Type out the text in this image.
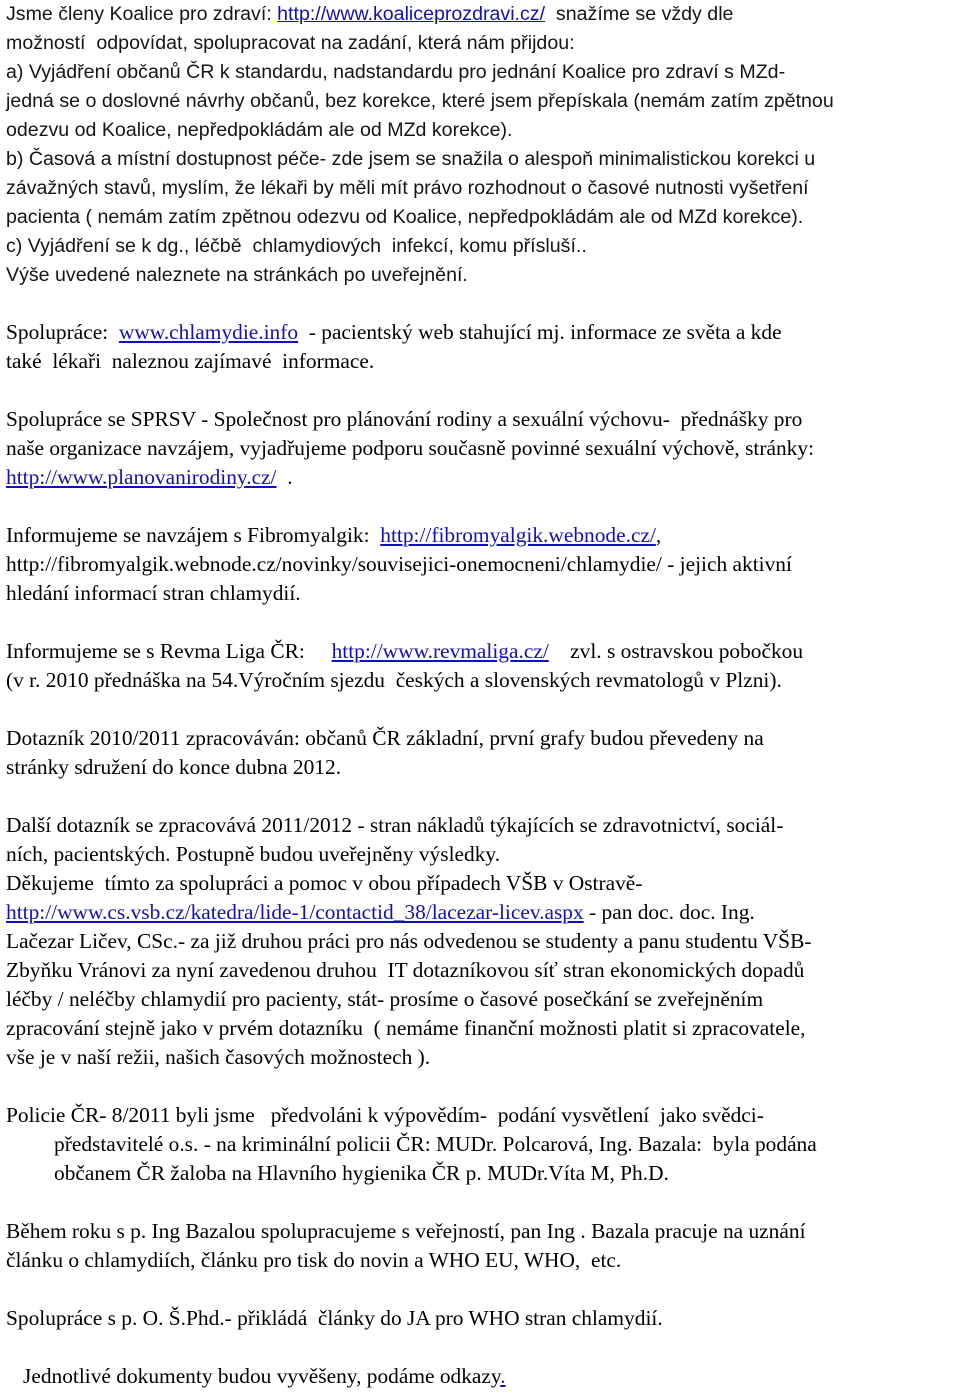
Jsme členy Koalice pro zdraví: http://www.koaliceprozdravi.cz/  snažíme se vždy dle
možností  odpovídat, spolupracovat na zadání, která nám přijdou:
a) Vyjádření občanů ČR k standardu, nadstandardu pro jednání Koalice pro zdraví s MZd-
jedná se o doslovné návrhy občanů, bez korekce, které jsem přepískala (nemám zatím zpětnou
odezvu od Koalice, nepředpokládám ale od MZd korekce).
b) Časová a místní dostupnost péče- zde jsem se snažila o alespoň minimalistickou korekci u
závažných stavů, myslím, že lékaři by měli mít právo rozhodnout o časové nutnosti vyšetření
pacienta ( nemám zatím zpětnou odezvu od Koalice, nepředpokládám ale od MZd korekce).
c) Vyjádření se k dg., léčbě  chlamydiových  infekcí, komu přísluší..
Výše uvedené naleznete na stránkách po uveřejnění.
Spolupráce:  www.chlamydie.info  - pacientský web stahující mj. informace ze světa a kde
také  lékaři  naleznou zajímavé  informace.
Spolupráce se SPRSV - Společnost pro plánování rodiny a sexuální výchovu-  přednášky pro
naše organizace navzájem, vyjadřujeme podporu současně povinné sexuální výchově, stránky:
http://www.planovanirodiny.cz/  .
Informujeme se navzájem s Fibromyalgik:  http://fibromyalgik.webnode.cz/,
http://fibromyalgik.webnode.cz/novinky/souvisejici-onemocneni/chlamydie/ - jejich aktivní
hledání informací stran chlamydií.
Informujeme se s Revma Liga ČR:     http://www.revmaliga.cz/    zvl. s ostravskou pobočkou
(v r. 2010 přednáška na 54.Výročním sjezdu  českých a slovenských revmatologů v Plzni).
Dotazník 2010/2011 zpracováván: občanů ČR základní, první grafy budou převedeny na
stránky sdružení do konce dubna 2012.
Další dotazník se zpracovává 2011/2012 - stran nákladů týkajících se zdravotnictví, sociál-
ních, pacientských. Postupně budou uveřejněny výsledky.
Děkujeme  tímto za spolupráci a pomoc v obou případech VŠB v Ostravě-
http://www.cs.vsb.cz/katedra/lide-1/contactid_38/lacezar-licev.aspx - pan doc. doc. Ing.
Lačezar Ličev, CSc.- za již druhou práci pro nás odvedenou se studenty a panu studentu VŠB-
Zbyňku Vránovi za nyní zavedenou druhou  IT dotazníkovou síť stran ekonomických dopadů
léčby / neléčby chlamydií pro pacienty, stát- prosíme o časové posečkání se zveřejněním
zpracování stejně jako v prvém dotazníku  ( nemáme finanční možnosti platit si zpracovatele,
vše je v naší režii, našich časových možnostech ).
Policie ČR- 8/2011 byli jsme   předvoláni k výpovědím-  podání vysvětlení  jako svědci-
představitelé o.s. - na kriminální policii ČR: MUDr. Polcarová, Ing. Bazala:  byla podána
občanem ČR žaloba na Hlavního hygienika ČR p. MUDr.Víta M, Ph.D.
Během roku s p. Ing Bazalou spolupracujeme s veřejností, pan Ing . Bazala pracuje na uznání
článku o chlamydiích, článku pro tisk do novin a WHO EU, WHO,  etc.
Spolupráce s p. O. Š.Phd.- přikládá  články do JA pro WHO stran chlamydií.
Jednotlivé dokumenty budou vyvěšeny, podáme odkazy.
